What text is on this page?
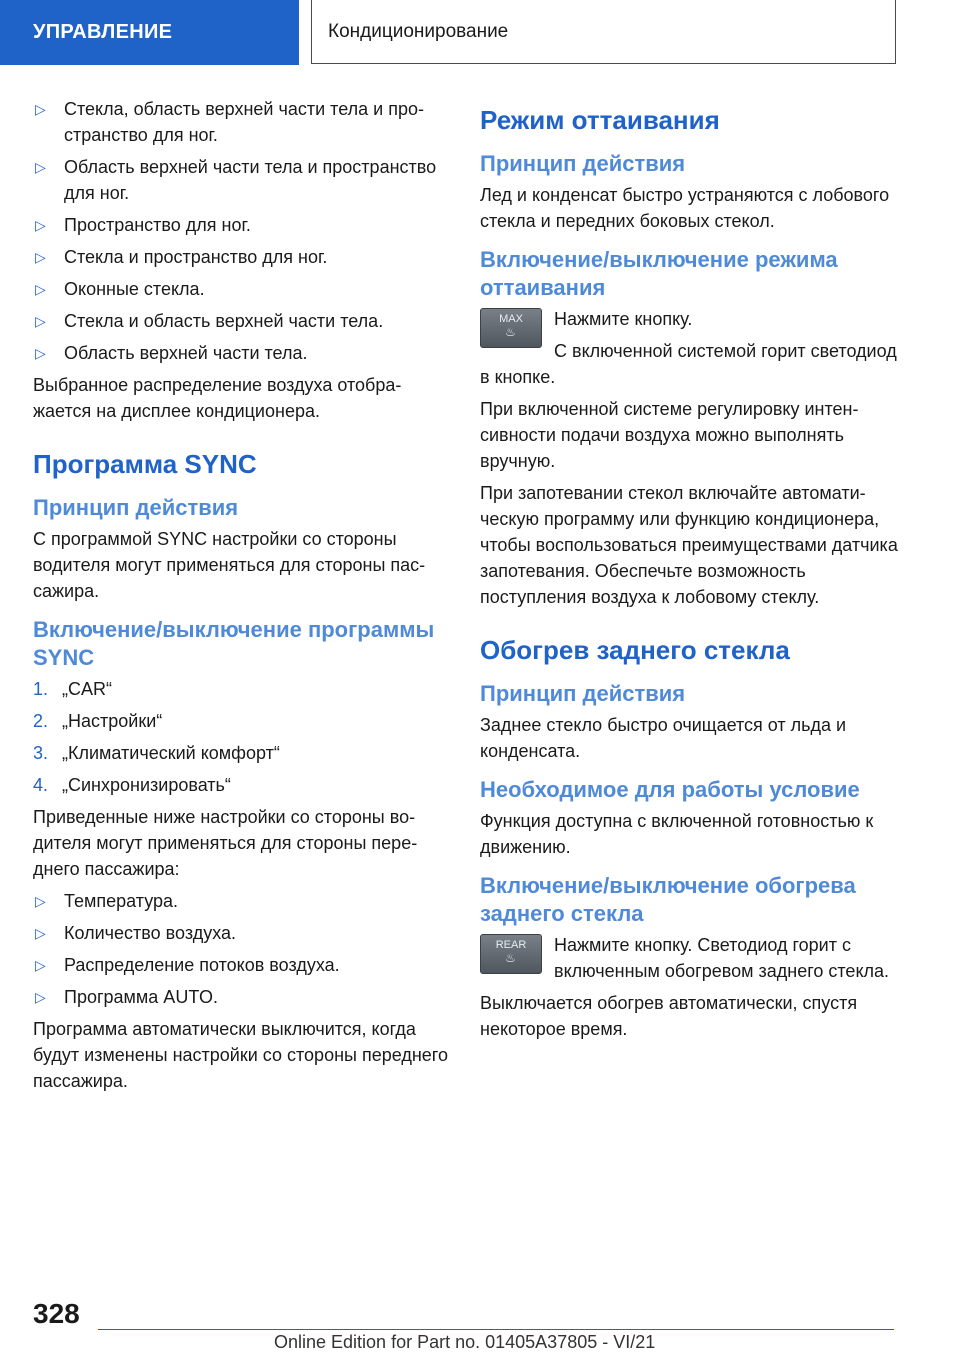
УПРАВЛЕНИЕ	Кондиционирование
▷	Стекла, область верхней части тела и пространство для ног.
▷	Область верхней части тела и пространство для ног.
▷	Пространство для ног.
▷	Стекла и пространство для ног.
▷	Оконные стекла.
▷	Стекла и область верхней части тела.
▷	Область верхней части тела.

Выбранное распределение воздуха отображается на дисплее кондиционера.

Программа SYNC
Принцип действия

С программой SYNC настройки со стороны водителя могут применяться для стороны пассажира.

Включение/выключение программы SYNC
1. „CAR“
2. „Настройки“
3. „Климатический комфорт“
4. „Синхронизировать“

Приведенные ниже настройки со стороны водителя могут применяться для стороны переднего пассажира:

▷	Температура.
▷	Количество воздуха.
▷	Распределение потоков воздуха.
▷	Программа AUTO.

Программа автоматически выключится, когда будут изменены настройки со стороны переднего пассажира.

Режим оттаивания
Принцип действия

Лед и конденсат быстро устраняются с лобового стекла и передних боковых стекол.

Включение/выключение режима оттаивания
MAX
♨

Нажмите кнопку.

С включенной системой горит светодиод в кнопке.

При включенной системе регулировку интенсивности подачи воздуха можно выполнять вручную.

При запотевании стекол включайте автоматическую программу или функцию кондиционера, чтобы воспользоваться преимуществами датчика запотевания. Обеспечьте возможность поступления воздуха к лобовому стеклу.

Обогрев заднего стекла
Принцип действия

Заднее стекло быстро очищается от льда и конденсата.

Необходимое для работы условие

Функция доступна с включенной готовностью к движению.

Включение/выключение обогрева заднего стекла
REAR
♨

Нажмите кнопку. Светодиод горит с включенным обогревом заднего стекла.

Выключается обогрев автоматически, спустя некоторое время.

328
Online Edition for Part no. 01405A37805 - VI/21
